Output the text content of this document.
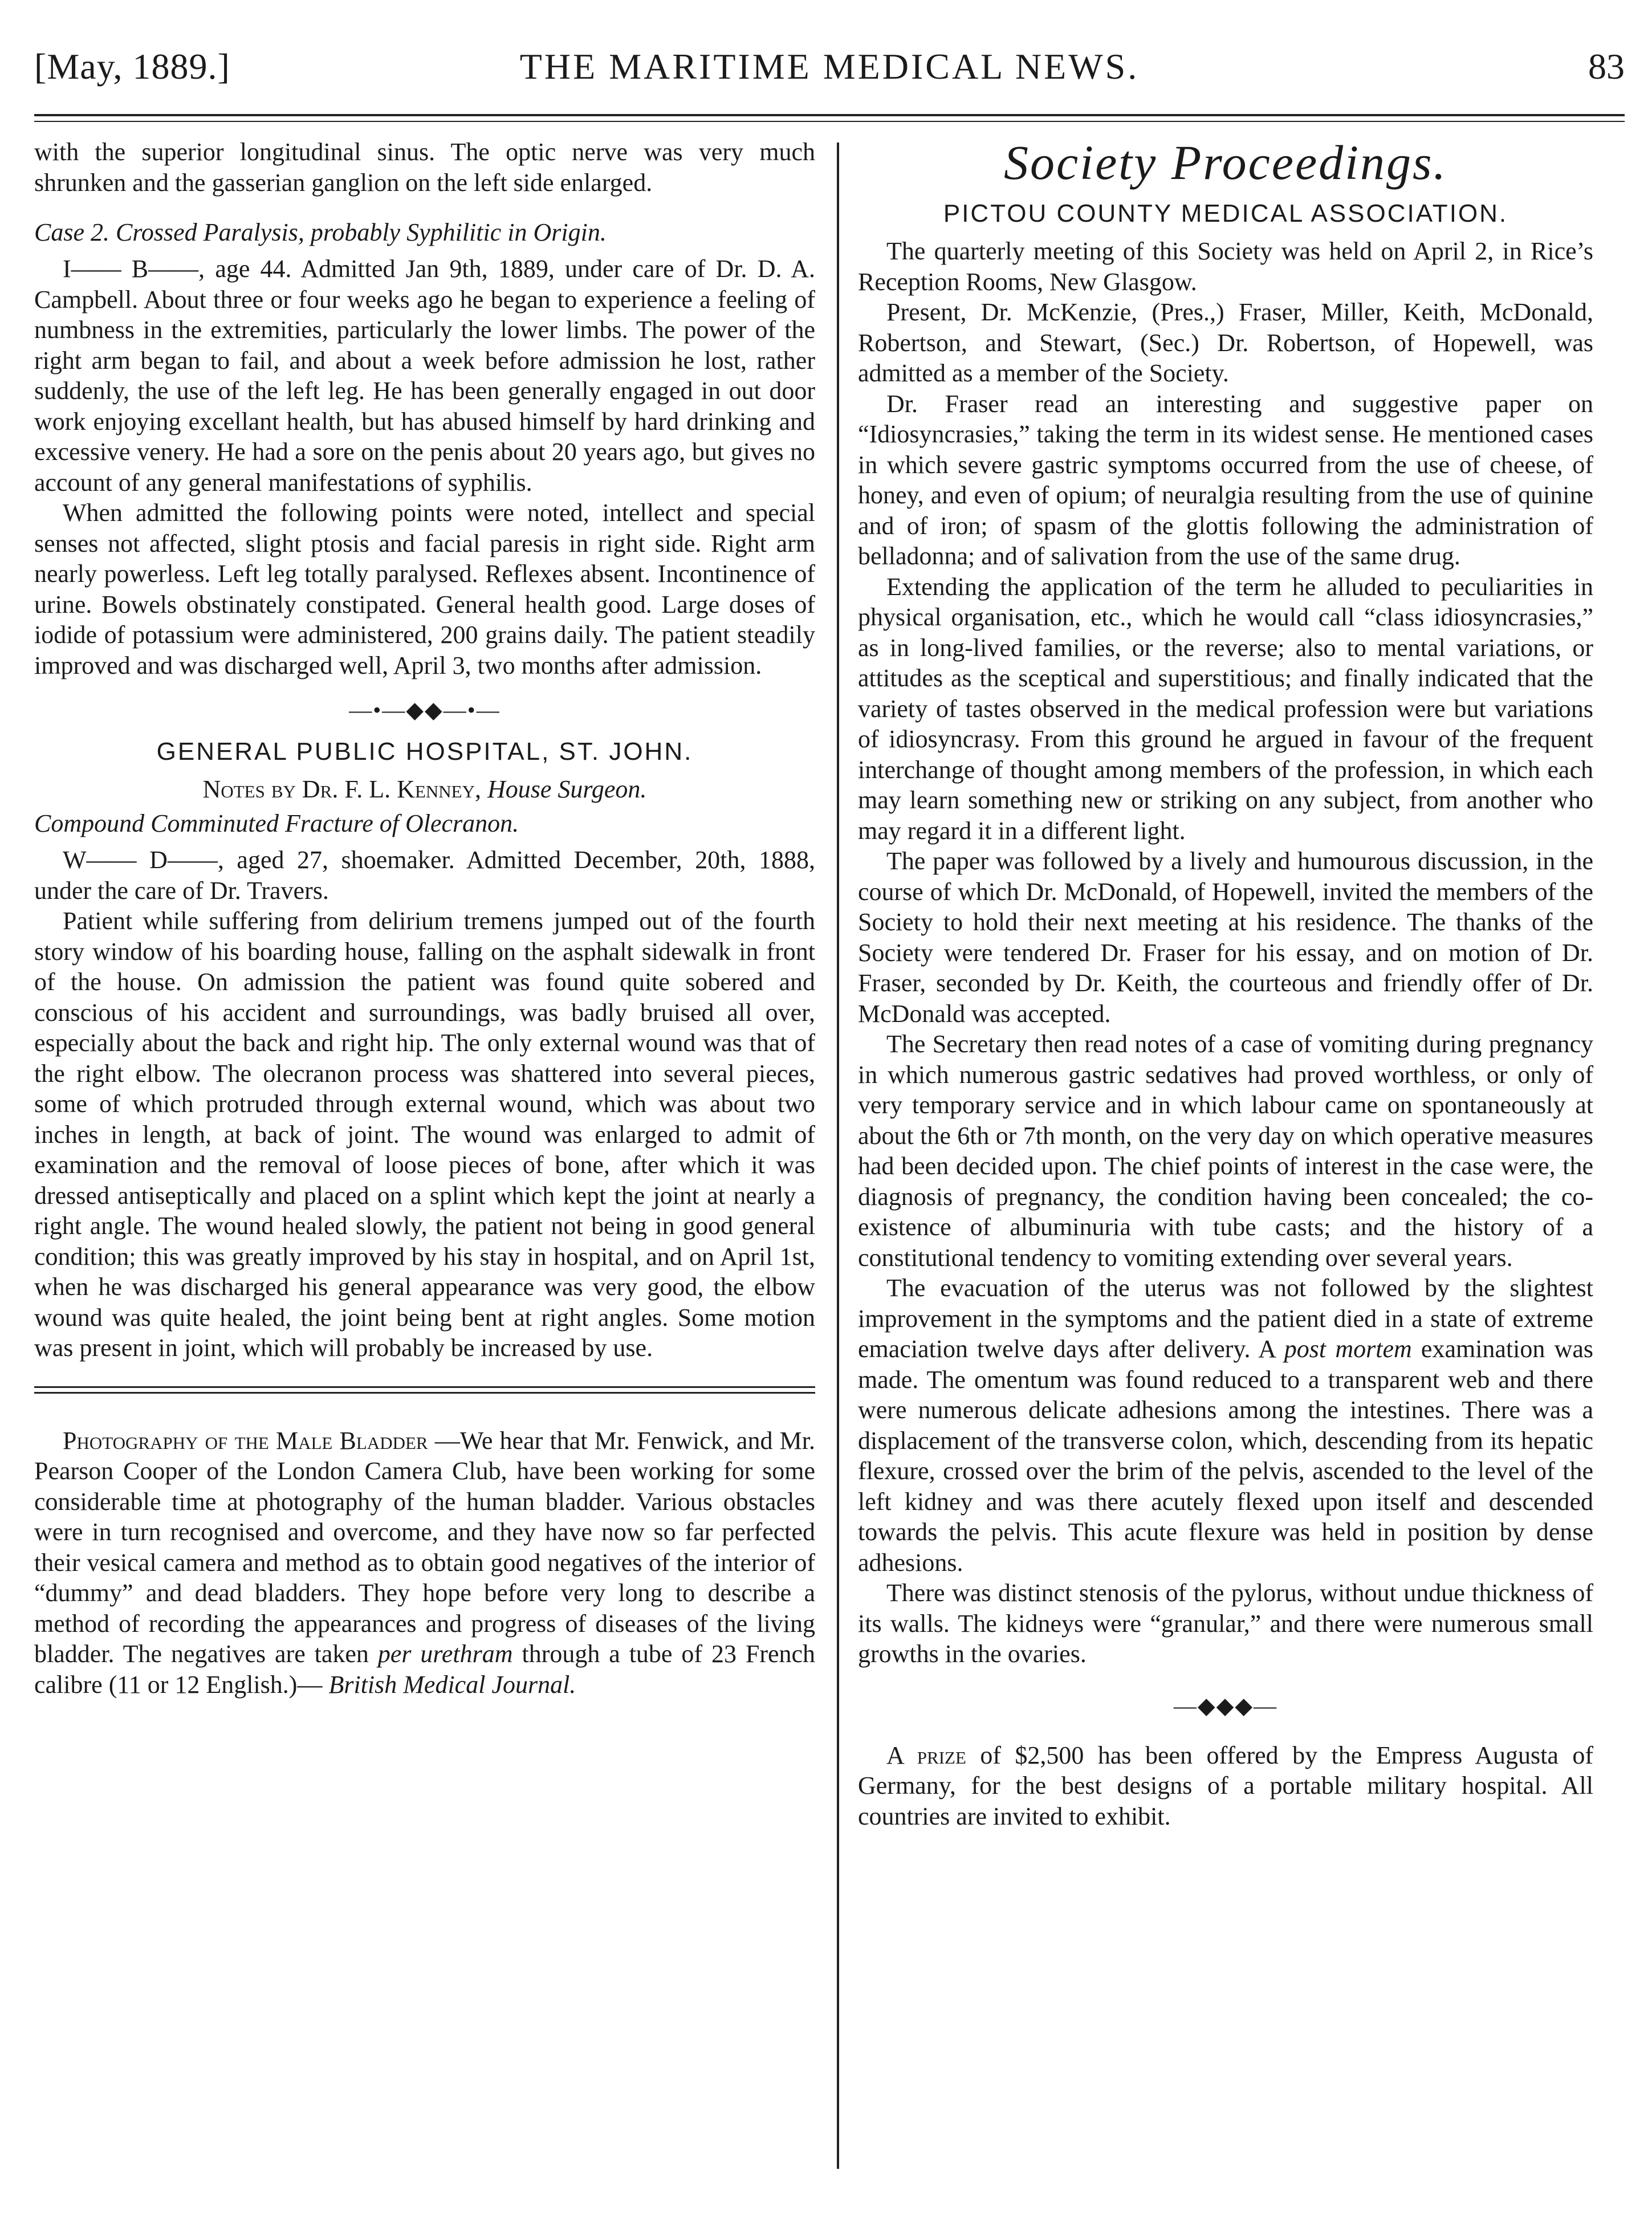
[May, 1889.]	THE MARITIME MEDICAL NEWS.	83

with the superior longitudinal sinus. The optic nerve was very much shrunken and the gasserian ganglion on the left side enlarged.

Case 2. Crossed Paralysis, probably Syphilitic in Origin.

I—— B——, age 44. Admitted Jan 9th, 1889, under care of Dr. D. A. Campbell. About three or four weeks ago he began to experience a feeling of numbness in the extremities, particularly the lower limbs. The power of the right arm began to fail, and about a week before admission he lost, rather suddenly, the use of the left leg. He has been generally engaged in out door work enjoying excellant health, but has abused himself by hard drinking and excessive venery. He had a sore on the penis about 20 years ago, but gives no account of any general manifestations of syphilis.

When admitted the following points were noted, intellect and special senses not affected, slight ptosis and facial paresis in right side. Right arm nearly powerless. Left leg totally paralysed. Reflexes absent. Incontinence of urine. Bowels obstinately constipated. General health good. Large doses of iodide of potassium were administered, 200 grains daily. The patient steadily improved and was discharged well, April 3, two months after admission.

—•—◆◆—•—
GENERAL PUBLIC HOSPITAL, ST. JOHN.
Notes by Dr. F. L. Kenney, House Surgeon.
Compound Comminuted Fracture of Olecranon.

W—— D——, aged 27, shoemaker. Admitted December, 20th, 1888, under the care of Dr. Travers.

Patient while suffering from delirium tremens jumped out of the fourth story window of his boarding house, falling on the asphalt sidewalk in front of the house. On admission the patient was found quite sobered and conscious of his accident and surroundings, was badly bruised all over, especially about the back and right hip. The only external wound was that of the right elbow. The olecranon process was shattered into several pieces, some of which protruded through external wound, which was about two inches in length, at back of joint. The wound was enlarged to admit of examination and the removal of loose pieces of bone, after which it was dressed antiseptically and placed on a splint which kept the joint at nearly a right angle. The wound healed slowly, the patient not being in good general condition; this was greatly improved by his stay in hospital, and on April 1st, when he was discharged his general appearance was very good, the elbow wound was quite healed, the joint being bent at right angles. Some motion was present in joint, which will probably be increased by use.

Photography of the Male Bladder —We hear that Mr. Fenwick, and Mr. Pearson Cooper of the London Camera Club, have been working for some considerable time at photography of the human bladder. Various obstacles were in turn recognised and overcome, and they have now so far perfected their vesical camera and method as to obtain good negatives of the interior of “dummy” and dead bladders. They hope before very long to describe a method of recording the appearances and progress of diseases of the living bladder. The negatives are taken per urethram through a tube of 23 French calibre (11 or 12 English.)— British Medical Journal.

Society Proceedings.
PICTOU COUNTY MEDICAL ASSOCIATION.

The quarterly meeting of this Society was held on April 2, in Rice’s Reception Rooms, New Glasgow.

Present, Dr. McKenzie, (Pres.,) Fraser, Miller, Keith, McDonald, Robertson, and Stewart, (Sec.) Dr. Robertson, of Hopewell, was admitted as a member of the Society.

Dr. Fraser read an interesting and suggestive paper on “Idiosyncrasies,” taking the term in its widest sense. He mentioned cases in which severe gastric symptoms occurred from the use of cheese, of honey, and even of opium; of neuralgia resulting from the use of quinine and of iron; of spasm of the glottis following the administration of belladonna; and of salivation from the use of the same drug.

Extending the application of the term he alluded to peculiarities in physical organisation, etc., which he would call “class idiosyncrasies,” as in long-lived families, or the reverse; also to mental variations, or attitudes as the sceptical and superstitious; and finally indicated that the variety of tastes observed in the medical profession were but variations of idiosyncrasy. From this ground he argued in favour of the frequent interchange of thought among members of the profession, in which each may learn something new or striking on any subject, from another who may regard it in a different light.

The paper was followed by a lively and humourous discussion, in the course of which Dr. McDonald, of Hopewell, invited the members of the Society to hold their next meeting at his residence. The thanks of the Society were tendered Dr. Fraser for his essay, and on motion of Dr. Fraser, seconded by Dr. Keith, the courteous and friendly offer of Dr. McDonald was accepted.

The Secretary then read notes of a case of vomiting during pregnancy in which numerous gastric sedatives had proved worthless, or only of very temporary service and in which labour came on spontaneously at about the 6th or 7th month, on the very day on which operative measures had been decided upon. The chief points of interest in the case were, the diagnosis of pregnancy, the condition having been concealed; the co-existence of albuminuria with tube casts; and the history of a constitutional tendency to vomiting extending over several years.

The evacuation of the uterus was not followed by the slightest improvement in the symptoms and the patient died in a state of extreme emaciation twelve days after delivery. A post mortem examination was made. The omentum was found reduced to a transparent web and there were numerous delicate adhesions among the intestines. There was a displacement of the transverse colon, which, descending from its hepatic flexure, crossed over the brim of the pelvis, ascended to the level of the left kidney and was there acutely flexed upon itself and descended towards the pelvis. This acute flexure was held in position by dense adhesions.

There was distinct stenosis of the pylorus, without undue thickness of its walls. The kidneys were “granular,” and there were numerous small growths in the ovaries.

—◆◆◆—

A prize of $2,500 has been offered by the Empress Augusta of Germany, for the best designs of a portable military hospital. All countries are invited to exhibit.
